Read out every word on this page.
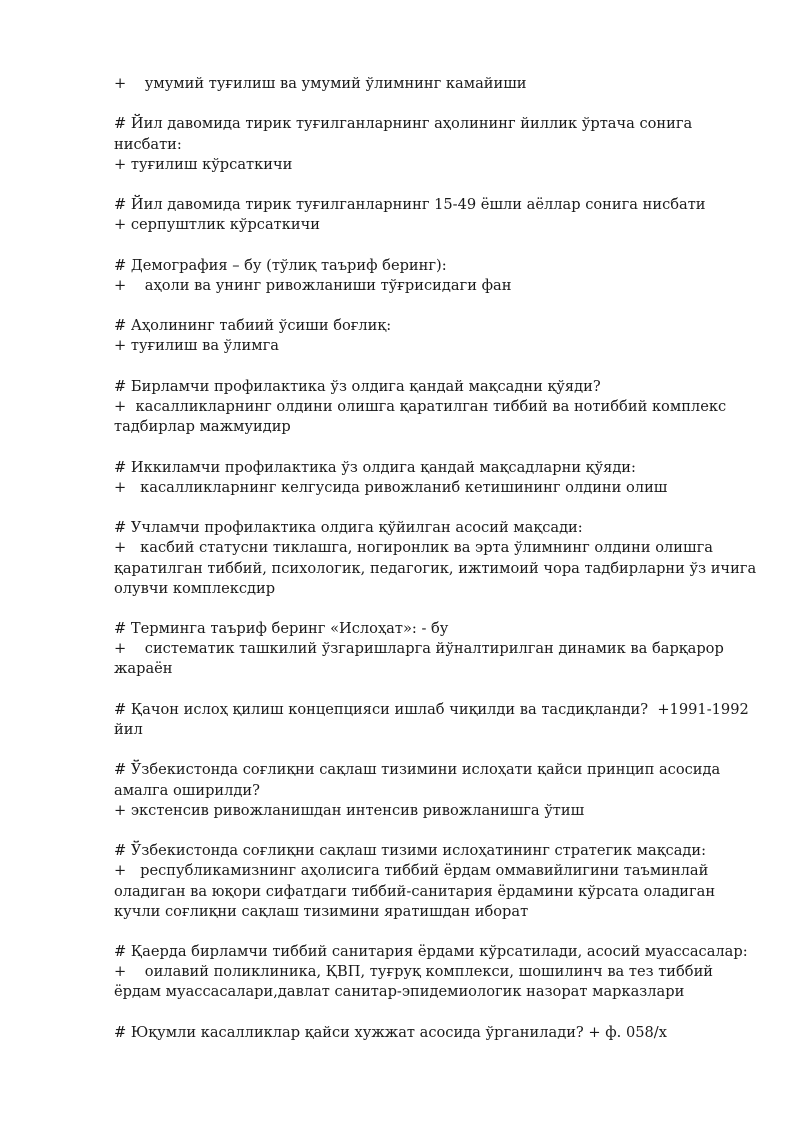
+    умумий туғилиш ва умумий ўлимнинг камайиши
# Йил давомида тирик туғилганларнинг аҳолининг йиллик ўртача сонига
нисбати:
+ туғилиш кўрсаткичи
# Йил давомида тирик туғилганларнинг 15-49 ёшли аёллар сонига нисбати
+ серпуштлик кўрсаткичи
# Демография – бу (тўлиқ таъриф беринг):
+    аҳоли ва унинг ривожланиши тўғрисидаги фан
# Аҳолининг табиий ўсиши боғлиқ:
+ туғилиш ва ўлимга
# Бирламчи профилактика ўз олдига қандай мақсадни қўяди?
+  касалликларнинг олдини олишга қаратилган тиббий ва нотиббий комплекс
тадбирлар мажмуидир
# Иккиламчи профилактика ўз олдига қандай мақсадларни қўяди:
+   касалликларнинг келгусида ривожланиб кетишининг олдини олиш
# Учламчи профилактика олдига қўйилган асосий мақсади:
+   касбий статусни тиклашга, ногиронлик ва эрта ўлимнинг олдини олишга
қаратилган тиббий, психологик, педагогик, ижтимоий чора тадбирларни ўз ичига
олувчи комплексдир
# Терминга таъриф беринг «Ислоҳат»: - бу
+    систематик ташкилий ўзгаришларга йўналтирилган динамик ва барқарор
жараён
# Қачон ислоҳ қилиш концепцияси ишлаб чиқилди ва тасдиқланди?  +1991-1992
йил
# Ўзбекистонда соғлиқни сақлаш тизимини ислоҳати қайси принцип асосида
амалга оширилди?
+ экстенсив ривожланишдан интенсив ривожланишга ўтиш
# Ўзбекистонда соғлиқни сақлаш тизими ислоҳатининг стратегик мақсади:
+   республикамизнинг аҳолисига тиббий ёрдам оммавийлигини таъминлай
оладиган ва юқори сифатдаги тиббий-санитария ёрдамини кўрсата оладиган
кучли соғлиқни сақлаш тизимини яратишдан иборат
# Қаерда бирламчи тиббий санитария ёрдами кўрсатилади, асосий муассасалар:
+    оилавий поликлиника, ҚВП, туғруқ комплекси, шошилинч ва тез тиббий
ёрдам муассасалари,давлат санитар-эпидемиологик назорат марказлари
# Юқумли касалликлар қайси хужжат асосида ўрганилади? + ф. 058/х
